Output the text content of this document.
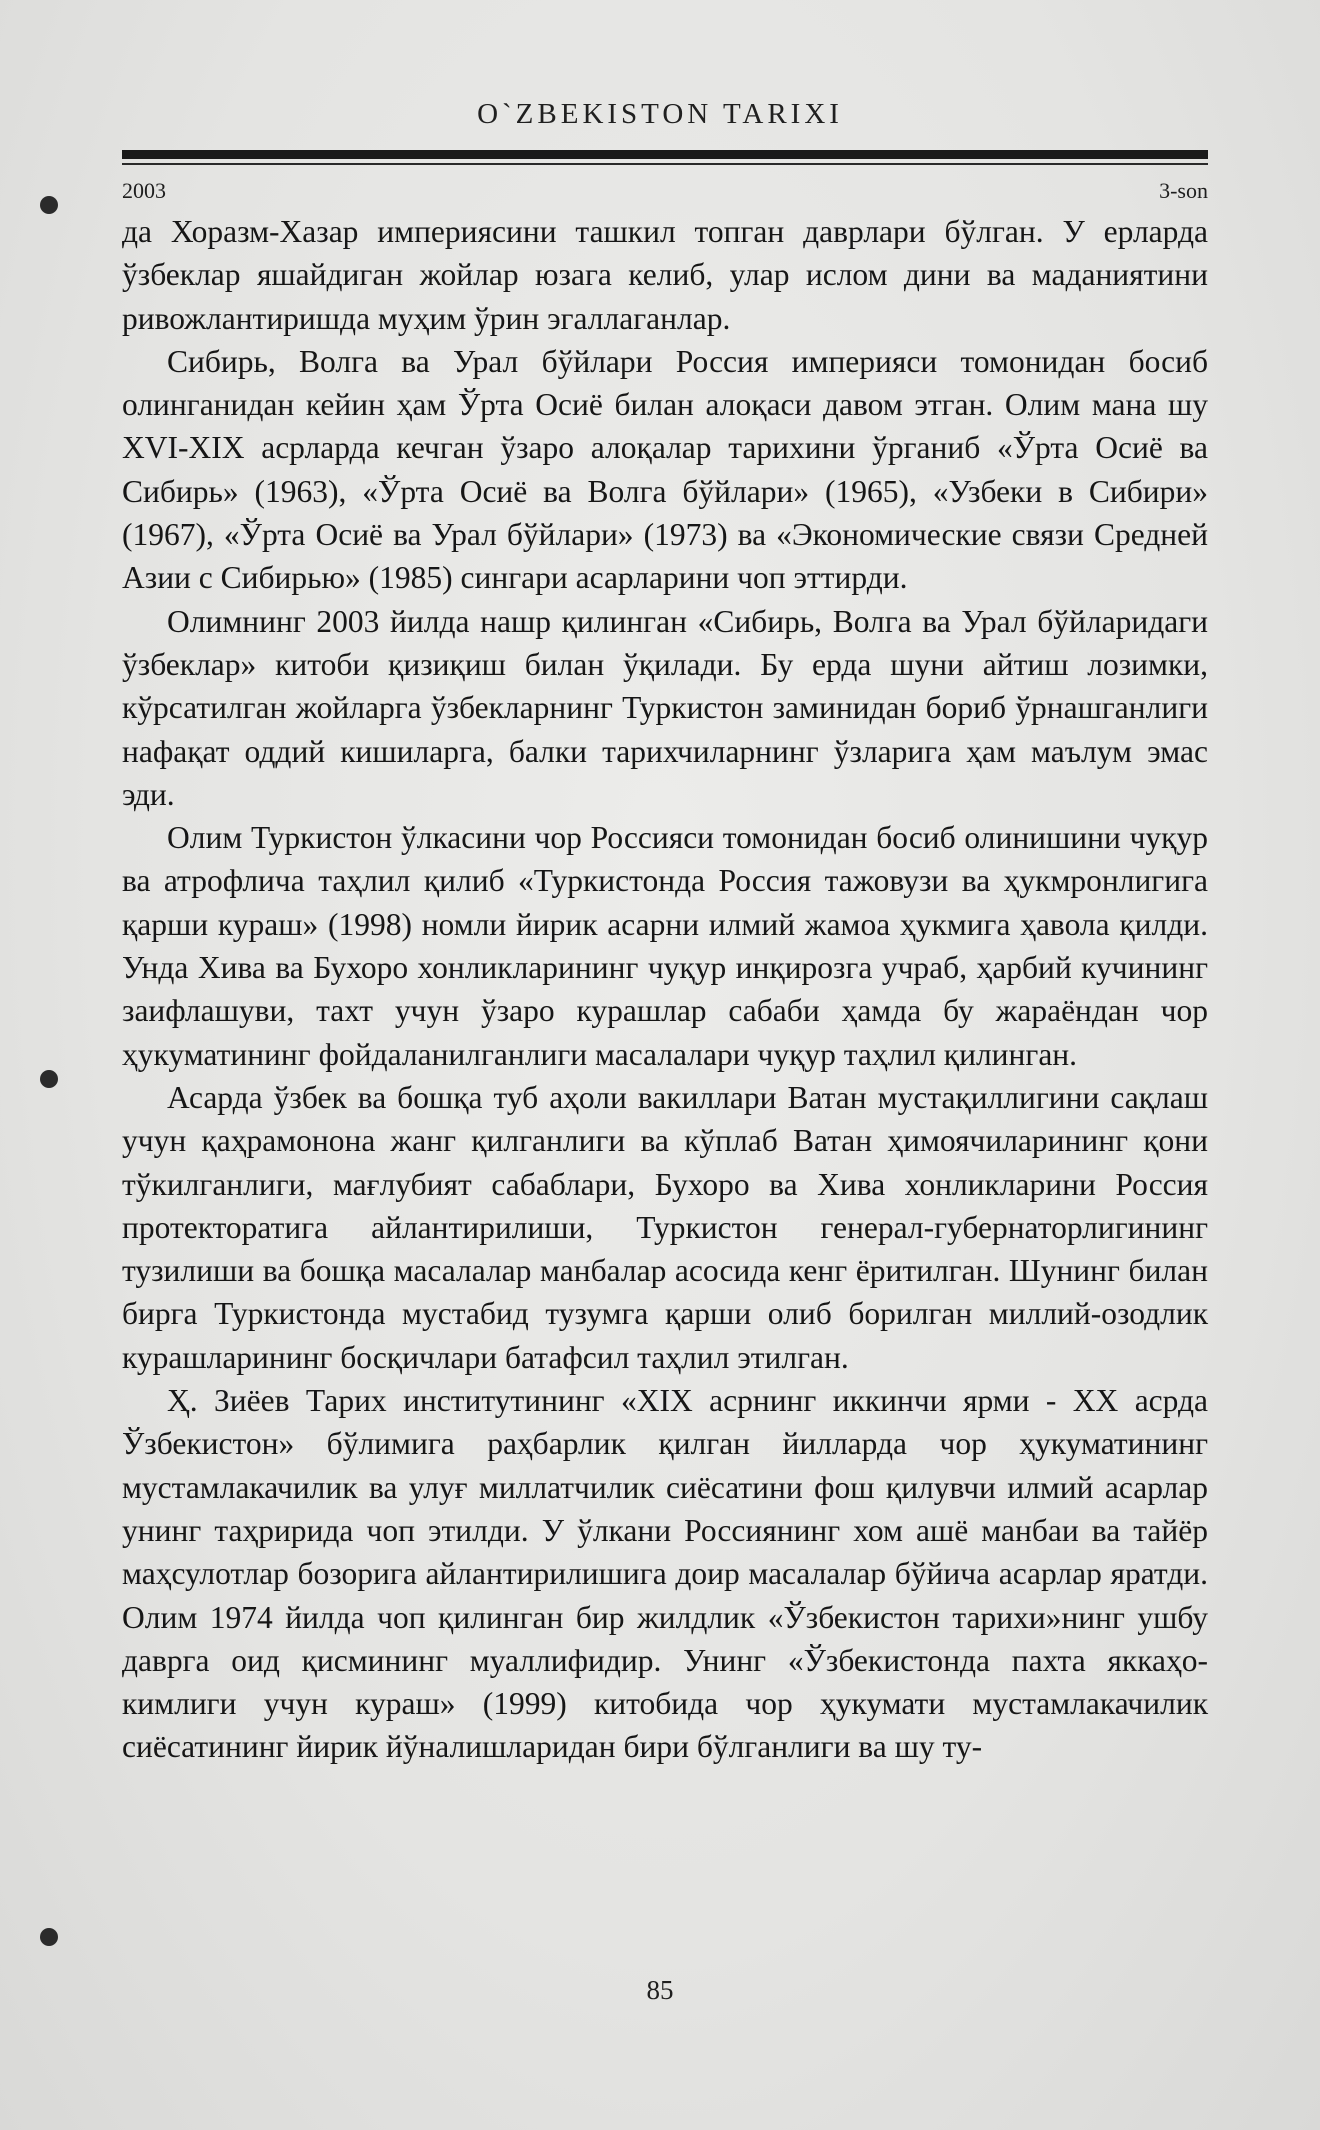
O`ZBEKISTON TARIXI
2003	3-son

да Хоразм-Хазар империясини ташкил топган даврлари бўлган. У ерларда ўзбеклар яшайдиган жойлар юзага келиб, улар ислом дини ва маданиятини ривожлантиришда муҳим ўрин эгаллаганлар.

Сибирь, Волга ва Урал бўйлари Россия империяси томонидан босиб олинганидан кейин ҳам Ўрта Осиё билан алоқаси давом этган. Олим мана шу XVI-XIX асрларда кечган ўзаро алоқалар тарихини ўрганиб «Ўрта Осиё ва Сибирь» (1963), «Ўрта Осиё ва Волга бўйлари» (1965), «Узбеки в Сибири» (1967), «Ўрта Осиё ва Урал бўйлари» (1973) ва «Экономические связи Средней Азии с Сибирью» (1985) сингари асарларини чоп эттирди.

Олимнинг 2003 йилда нашр қилинган «Сибирь, Волга ва Урал бўйларидаги ўзбеклар» китоби қизиқиш билан ўқилади. Бу ерда шуни айтиш лозимки, кўрсатилган жойларга ўзбекларнинг Туркистон заминидан бориб ўрнашганлиги нафақат оддий кишиларга, балки тарихчиларнинг ўзларига ҳам маълум эмас эди.

Олим Туркистон ўлкасини чор Россияси томонидан босиб олинишини чуқур ва атрофлича таҳлил қилиб «Туркистонда Россия тажовузи ва ҳукмронлигига қарши кураш» (1998) номли йирик асарни илмий жамоа ҳукмига ҳавола қилди. Унда Хива ва Бухоро хонликларининг чуқур инқирозга учраб, ҳарбий кучининг заифлашуви, тахт учун ўзаро курашлар сабаби ҳамда бу жараёндан чор ҳукуматининг фойдаланилганлиги масалалари чуқур таҳлил қилинган.

Асарда ўзбек ва бошқа туб аҳоли вакиллари Ватан мустақиллигини сақлаш учун қаҳрамонона жанг қилганлиги ва кўплаб Ватан ҳимоячиларининг қони тўкилганлиги, мағлубият сабаблари, Бухоро ва Хива хонликларини Россия протекторатига айлантирилиши, Туркистон генерал-губернаторлигининг тузилиши ва бошқа масалалар манбалар асосида кенг ёритилган. Шунинг билан бирга Туркистонда мустабид тузумга қарши олиб борилган миллий-озодлик курашларининг босқичлари батафсил таҳлил этилган.

Ҳ. Зиёев Тарих институтининг «XIX асрнинг иккинчи ярми - XX асрда Ўзбекистон» бўлимига раҳбарлик қилган йилларда чор ҳукуматининг мустамлакачилик ва улуғ миллатчилик сиёсатини фош қилувчи илмий асарлар унинг таҳририда чоп этилди. У ўлкани Россиянинг хом ашё манбаи ва тайёр маҳсулотлар бозорига айлантирилишига доир масалалар бўйича асарлар яратди. Олим 1974 йилда чоп қилинган бир жилдлик «Ўзбекистон тарихи»нинг ушбу даврга оид қисмининг муаллифидир. Унинг «Ўзбекистонда пахта яккаҳокимлиги учун кураш» (1999) китобида чор ҳукумати мустамлакачилик сиёсатининг йирик йўналишларидан бири бўлганлиги ва шу ту-

85
